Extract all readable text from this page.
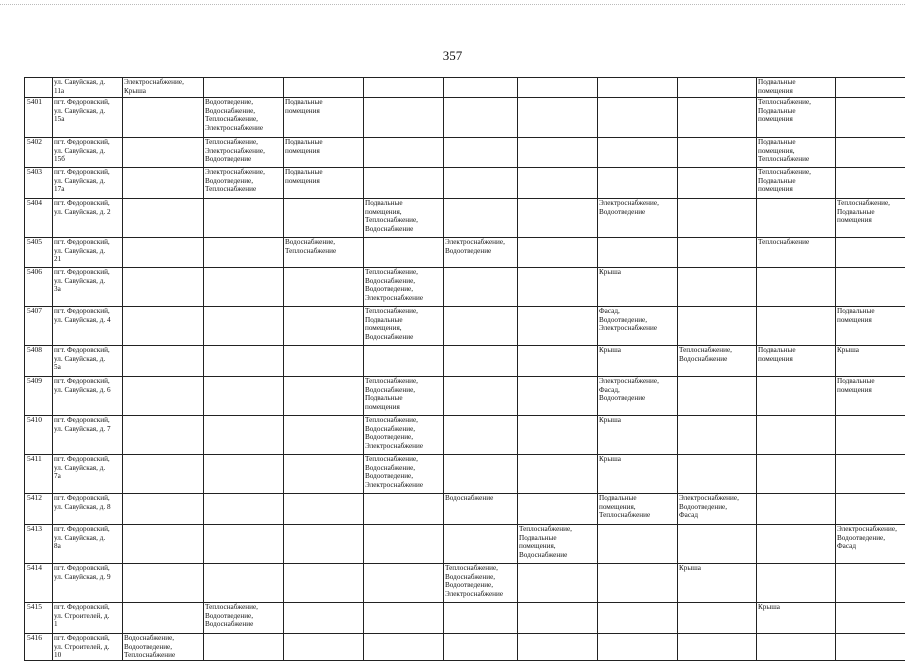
357
	ул. Савуйская, д.
11а	Электроснабжение,
Крыша								Подвальные
помещения	
5401	пгт. Федоровский,
ул. Савуйская, д.
15а		Водоотведение,
Водоснабжение,
Теплоснабжение,
Электроснабжение	Подвальные
помещения						Теплоснабжение,
Подвальные
помещения	
5402	пгт. Федоровский,
ул. Савуйская, д.
15б		Теплоснабжение,
Электроснабжение,
Водоотведение	Подвальные
помещения						Подвальные
помещения,
Теплоснабжение	
5403	пгт. Федоровский,
ул. Савуйская, д.
17а		Электроснабжение,
Водоотведение,
Теплоснабжение	Подвальные
помещения						Теплоснабжение,
Подвальные
помещения	
5404	пгт. Федоровский,
ул. Савуйская, д. 2				Подвальные
помещения,
Теплоснабжение,
Водоснабжение			Электроснабжение,
Водоотведение			Теплоснабжение,
Подвальные
помещения
5405	пгт. Федоровский,
ул. Савуйская, д.
21			Водоснабжение,
Теплоснабжение		Электроснабжение,
Водоотведение				Теплоснабжение	
5406	пгт. Федоровский,
ул. Савуйская, д.
3а				Теплоснабжение,
Водоснабжение,
Водоотведение,
Электроснабжение			Крыша			
5407	пгт. Федоровский,
ул. Савуйская, д. 4				Теплоснабжение,
Подвальные
помещения,
Водоснабжение			Фасад,
Водоотведение,
Электроснабжение			Подвальные
помещения
5408	пгт. Федоровский,
ул. Савуйская, д.
5а							Крыша	Теплоснабжение,
Водоснабжение	Подвальные
помещения	Крыша
5409	пгт. Федоровский,
ул. Савуйская, д. 6				Теплоснабжение,
Водоснабжение,
Подвальные
помещения			Электроснабжение,
Фасад,
Водоотведение			Подвальные
помещения
5410	пгт. Федоровский,
ул. Савуйская, д. 7				Теплоснабжение,
Водоснабжение,
Водоотведение,
Электроснабжение			Крыша			
5411	пгт. Федоровский,
ул. Савуйская, д.
7а				Теплоснабжение,
Водоснабжение,
Водоотведение,
Электроснабжение			Крыша			
5412	пгт. Федоровский,
ул. Савуйская, д. 8					Водоснабжение		Подвальные
помещения,
Теплоснабжение	Электроснабжение,
Водоотведение,
Фасад		
5413	пгт. Федоровский,
ул. Савуйская, д.
8а						Теплоснабжение,
Подвальные
помещения,
Водоснабжение				Электроснабжение,
Водоотведение,
Фасад
5414	пгт. Федоровский,
ул. Савуйская, д. 9					Теплоснабжение,
Водоснабжение,
Водоотведение,
Электроснабжение			Крыша		
5415	пгт. Федоровский,
ул. Строителей, д.
1		Теплоснабжение,
Водоотведение,
Водоснабжение							Крыша	
5416	пгт. Федоровский,
ул. Строителей, д.
10	Водоснабжение,
Водоотведение,
Теплоснабжение									
